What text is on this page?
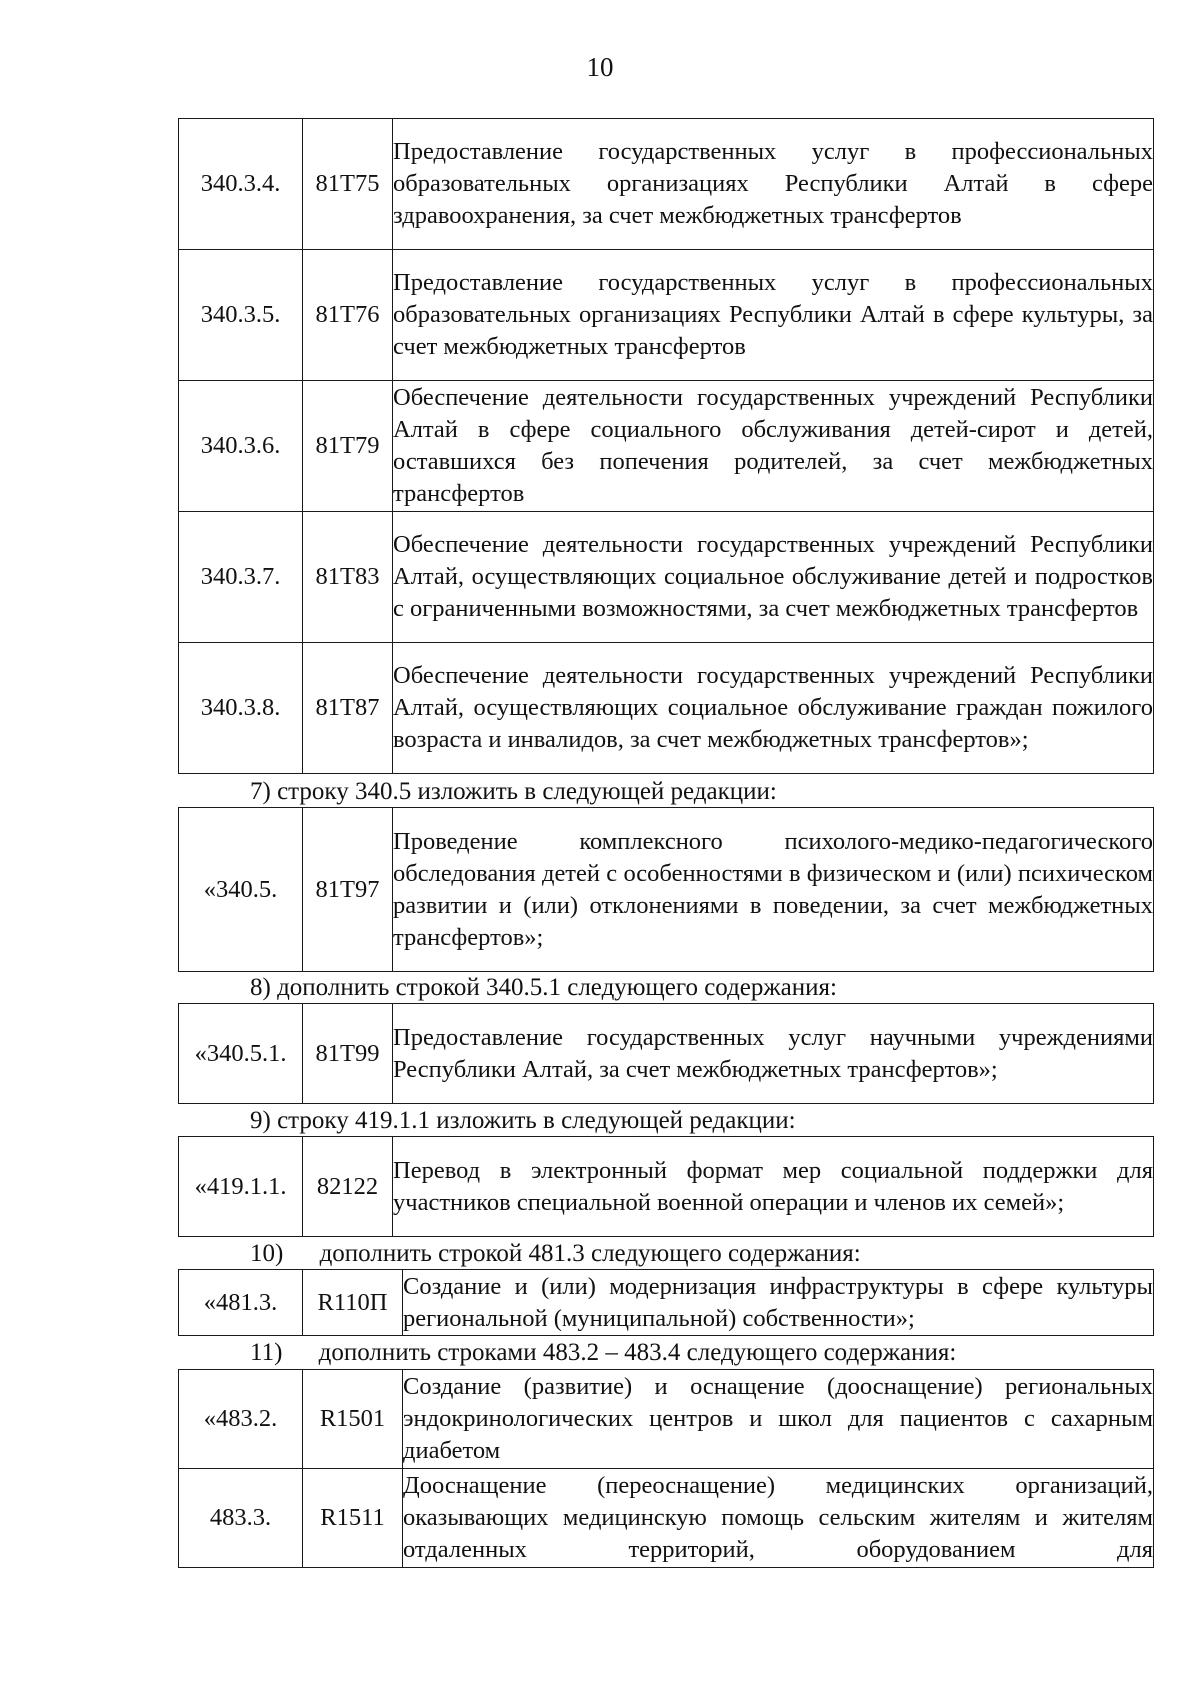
10
340.3.4.	81Т75	Предоставление государственных услуг в профессиональных образовательных организациях Республики Алтай в сфере здравоохранения, за счет межбюджетных трансфертов
340.3.5.	81Т76	Предоставление государственных услуг в профессиональных образовательных организациях Республики Алтай в сфере культуры, за счет межбюджетных трансфертов
340.3.6.	81Т79	Обеспечение деятельности государственных учреждений Республики Алтай в сфере социального обслуживания детей-сирот и детей, оставшихся без попечения родителей, за счет межбюджетных трансфертов
340.3.7.	81Т83	Обеспечение деятельности государственных учреждений Республики Алтай, осуществляющих социальное обслуживание детей и подростков с ограниченными возможностями, за счет межбюджетных трансфертов
340.3.8.	81Т87	Обеспечение деятельности государственных учреждений Республики Алтай, осуществляющих социальное обслуживание граждан пожилого возраста и инвалидов, за счет межбюджетных трансфертов»;
7) строку 340.5 изложить в следующей редакции:
«340.5.	81Т97	Проведение комплексного психолого-медико-педагогического обследования детей с особенностями в физическом и (или) психическом развитии и (или) отклонениями в поведении, за счет межбюджетных трансфертов»;
8) дополнить строкой 340.5.1 следующего содержания:
«340.5.1.	81Т99	Предоставление государственных услуг научными учреждениями Республики Алтай, за счет межбюджетных трансфертов»;
9) строку 419.1.1 изложить в следующей редакции:
«419.1.1.	82122	Перевод в электронный формат мер социальной поддержки для участников специальной военной операции и членов их семей»;
10) дополнить строкой 481.3 следующего содержания:
«481.3.	R110П	Создание и (или) модернизация инфраструктуры в сфере культуры региональной (муниципальной) собственности»;
11) дополнить строками 483.2 – 483.4 следующего содержания:
«483.2.	R1501	Создание (развитие) и оснащение (дооснащение) региональных эндокринологических центров и школ для пациентов с сахарным диабетом
483.3.	R1511	Дооснащение (переоснащение) медицинских организаций, оказывающих медицинскую помощь сельским жителям и жителям отдаленных территорий, оборудованием для
